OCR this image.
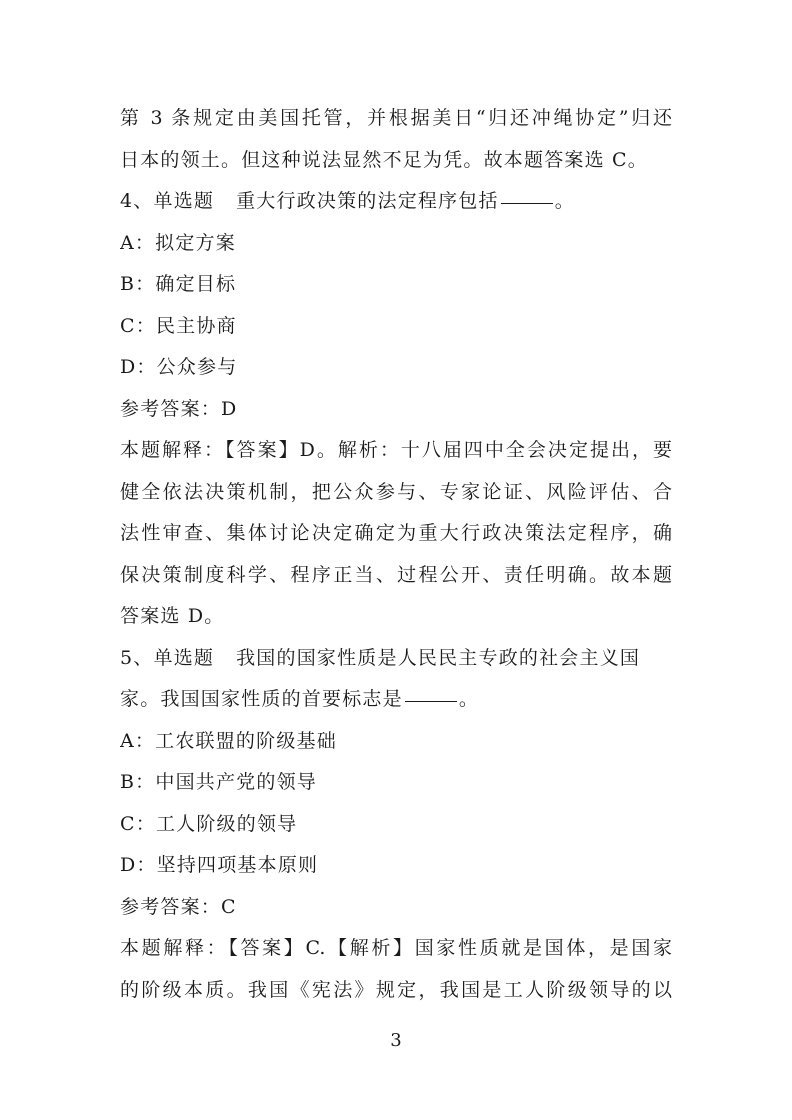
第 3 条规定由美国托管，并根据美日“归还冲绳协定”归还
日本的领土。但这种说法显然不足为凭。故本题答案选 C。
4、单选题 重大行政决策的法定程序包括	。
A：拟定方案
B：确定目标
C：民主协商
D：公众参与
参考答案：D
本题解释：【答案】D。解析：十八届四中全会决定提出，要
健全依法决策机制，把公众参与、专家论证、风险评估、合
法性审查、集体讨论决定确定为重大行政决策法定程序，确
保决策制度科学、程序正当、过程公开、责任明确。故本题
答案选 D。
5、单选题 我国的国家性质是人民民主专政的社会主义国
家。我国国家性质的首要标志是	。
A：工农联盟的阶级基础
B：中国共产党的领导
C：工人阶级的领导
D：坚持四项基本原则
参考答案：C
本题解释：【答案】C.【解析】国家性质就是国体，是国家
的阶级本质。我国《宪法》规定，我国是工人阶级领导的以
3
